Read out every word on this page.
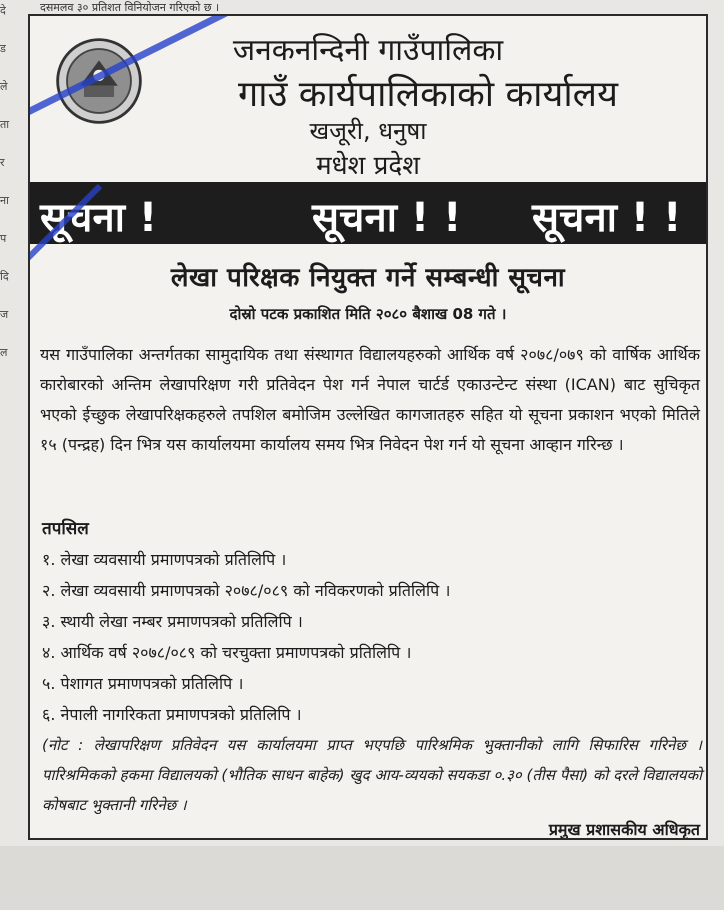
दसमलव ३० प्रतिशत विनियोजन गरिएको छ ।
दे
ड
ले
ता
र
ना
प
दि
ज
ल
जनकनन्दिनी गाउँपालिका
गाउँ कार्यपालिकाको कार्यालय
खजूरी, धनुषा
मधेश प्रदेश
सूचना !	सूचना ! ! सूचना ! !
लेखा परिक्षक नियुक्त गर्ने सम्बन्धी सूचना
दोस्रो पटक प्रकाशित मिति २०८० बैशाख 08 गते ।
यस गाउँपालिका अन्तर्गतका सामुदायिक तथा संस्थागत विद्यालयहरुको आर्थिक वर्ष २०७८/०७९ को वार्षिक आर्थिक कारोबारको अन्तिम लेखापरिक्षण गरी प्रतिवेदन पेश गर्न नेपाल चार्टर्ड एकाउन्टेन्ट संस्था (ICAN) बाट सुचिकृत भएको ईच्छुक लेखापरिक्षकहरुले तपशिल बमोजिम उल्लेखित कागजातहरु सहित यो सूचना प्रकाशन भएको मितिले १५ (पन्द्रह) दिन भित्र यस कार्यालयमा कार्यालय समय भित्र निवेदन पेश गर्न यो सूचना आव्हान गरिन्छ ।
तपसिल
१. लेखा व्यवसायी प्रमाणपत्रको प्रतिलिपि ।
२. लेखा व्यवसायी प्रमाणपत्रको २०७८/०८९ को नविकरणको प्रतिलिपि ।
३. स्थायी लेखा नम्बर प्रमाणपत्रको प्रतिलिपि ।
४. आर्थिक वर्ष २०७८/०८९ को चरचुक्ता प्रमाणपत्रको प्रतिलिपि ।
५. पेशागत प्रमाणपत्रको प्रतिलिपि ।
६. नेपाली नागरिकता प्रमाणपत्रको प्रतिलिपि ।
(नोट : लेखापरिक्षण प्रतिवेदन यस कार्यालयमा प्राप्त भएपछि पारिश्रमिक भुक्तानीको लागि सिफारिस गरिनेछ । पारिश्रमिकको हकमा विद्यालयको (भौतिक साधन बाहेक) खुद आय-व्ययको सयकडा ०.३० (तीस पैसा) को दरले विद्यालयको कोषबाट भुक्तानी गरिनेछ ।
प्रमुख प्रशासकीय अधिकृत
